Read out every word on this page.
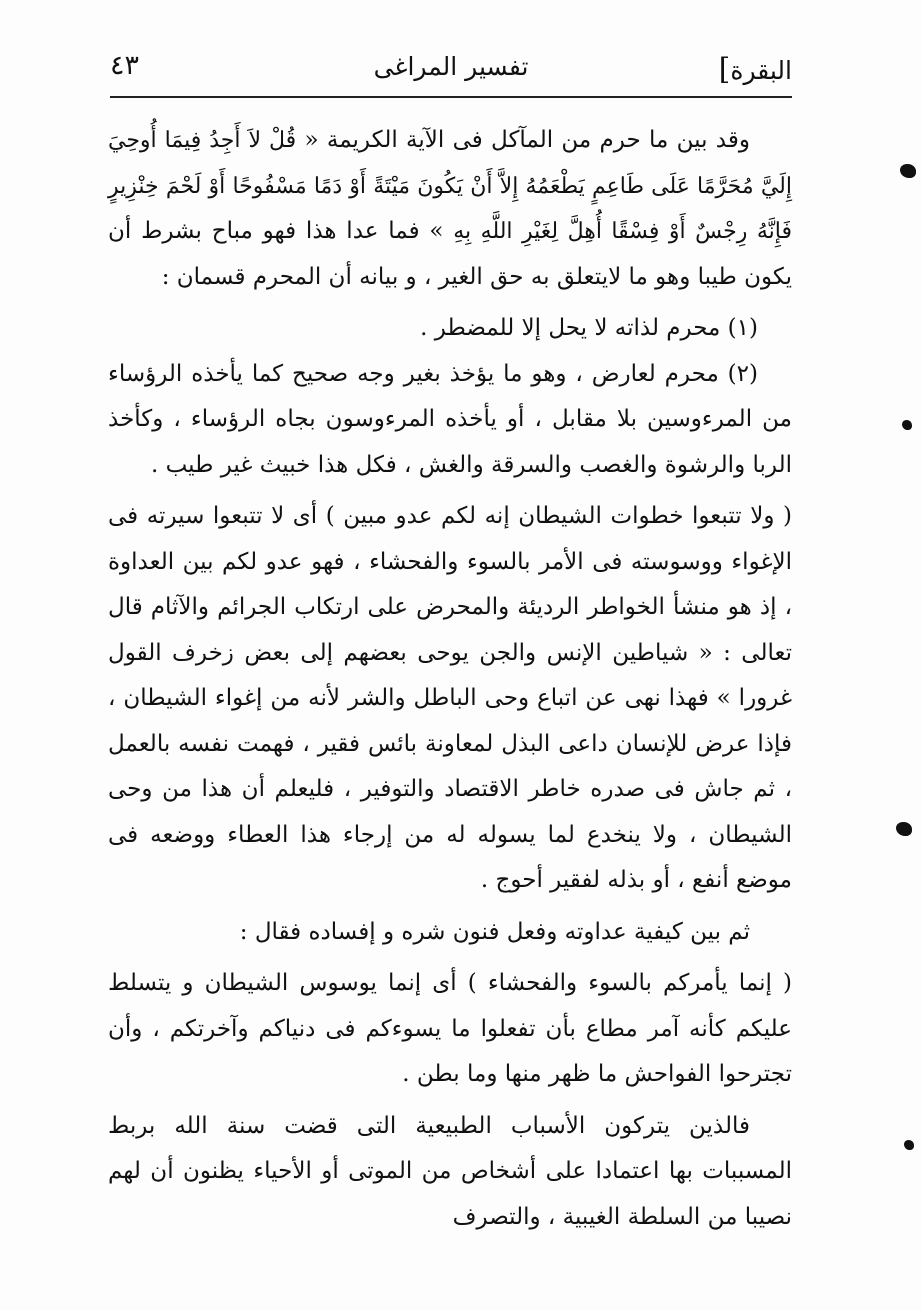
البقرة]
تفسير المراغى
٤٣

وقد بين ما حرم من المآكل فى الآية الكريمة « قُلْ لاَ أَجِدُ فِيمَا أُوحِيَ إِلَيَّ مُحَرَّمًا عَلَى طَاعِمٍ يَطْعَمُهُ إِلاَّ أَنْ يَكُونَ مَيْتَةً أَوْ دَمًا مَسْفُوحًا أَوْ لَحْمَ خِنْزِيرٍ فَإِنَّهُ رِجْسٌ أَوْ فِسْقًا أُهِلَّ لِغَيْرِ اللَّهِ بِهِ » فما عدا هذا فهو مباح بشرط أن يكون طيبا وهو ما لايتعلق به حق الغير ، و بيانه أن المحرم قسمان :

(١) محرم لذاته لا يحل إلا للمضطر .

(٢) محرم لعارض ، وهو ما يؤخذ بغير وجه صحيح كما يأخذه الرؤساء من المرءوسين بلا مقابل ، أو يأخذه المرءوسون بجاه الرؤساء ، وكأخذ الربا والرشوة والغصب والسرقة والغش ، فكل هذا خبيث غير طيب .

( ولا تتبعوا خطوات الشيطان إنه لكم عدو مبين ) أى لا تتبعوا سيرته فى الإغواء ووسوسته فى الأمر بالسوء والفحشاء ، فهو عدو لكم بين العداوة ، إذ هو منشأ الخواطر الرديئة والمحرض على ارتكاب الجرائم والآثام قال تعالى : « شياطين الإنس والجن يوحى بعضهم إلى بعض زخرف القول غرورا » فهذا نهى عن اتباع وحى الباطل والشر لأنه من إغواء الشيطان ، فإذا عرض للإنسان داعى البذل لمعاونة بائس فقير ، فهمت نفسه بالعمل ، ثم جاش فى صدره خاطر الاقتصاد والتوفير ، فليعلم أن هذا من وحى الشيطان ، ولا ينخدع لما يسوله له من إرجاء هذا العطاء ووضعه فى موضع أنفع ، أو بذله لفقير أحوج .

ثم بين كيفية عداوته وفعل فنون شره و إفساده فقال :

( إنما يأمركم بالسوء والفحشاء ) أى إنما يوسوس الشيطان و يتسلط عليكم كأنه آمر مطاع بأن تفعلوا ما يسوءكم فى دنياكم وآخرتكم ، وأن تجترحوا الفواحش ما ظهر منها وما بطن .

فالذين يتركون الأسباب الطبيعية التى قضت سنة الله بربط المسببات بها اعتمادا على أشخاص من الموتى أو الأحياء يظنون أن لهم نصيبا من السلطة الغيبية ، والتصرف
